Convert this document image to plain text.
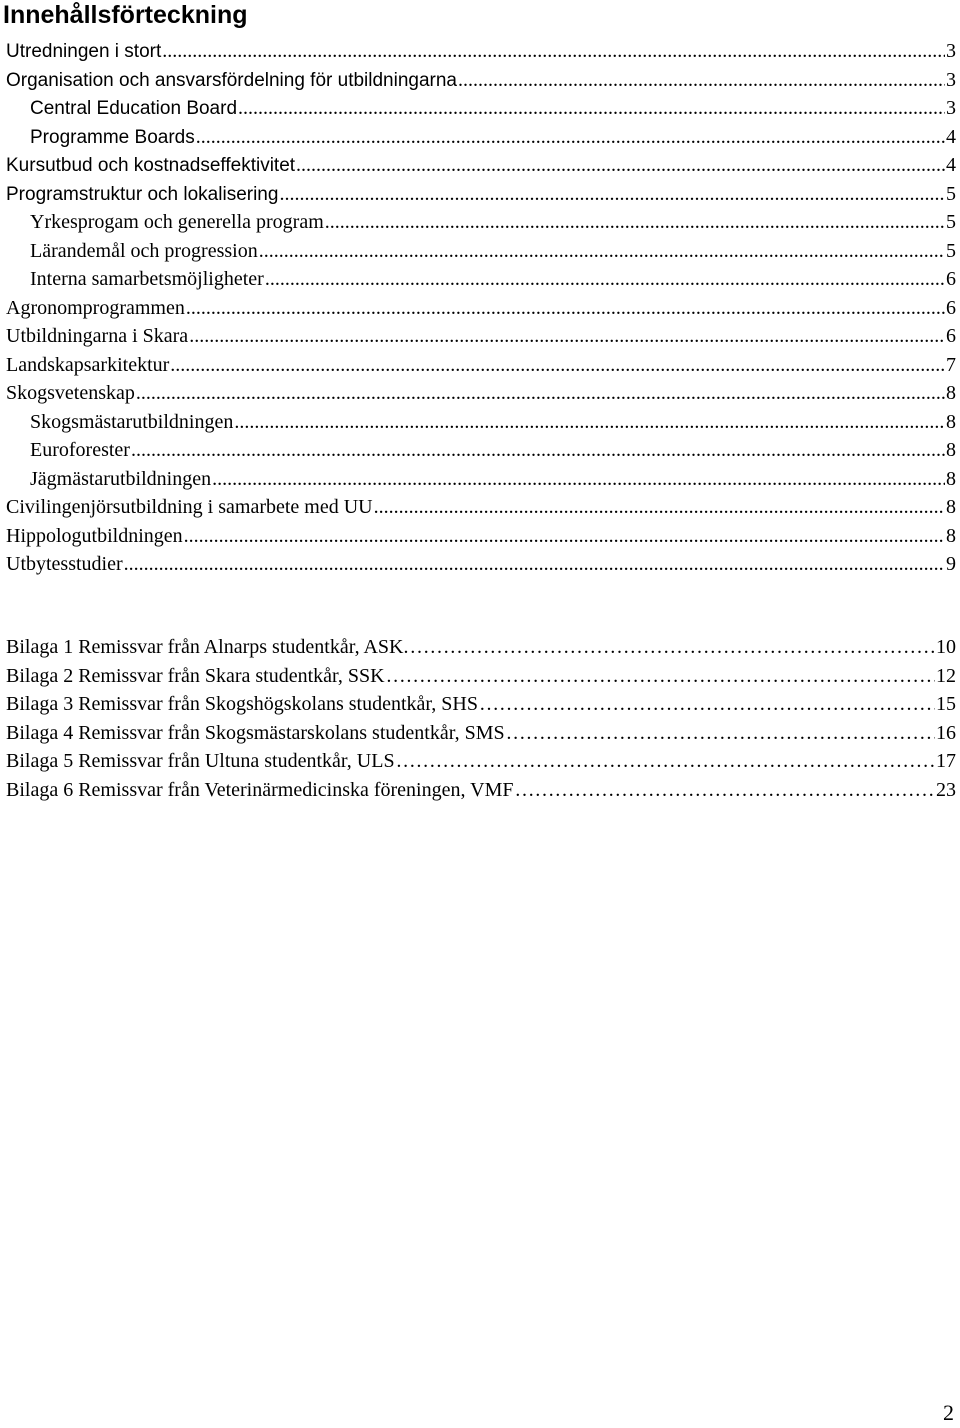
Innehållsförteckning
Utredningen i stort .....	3
Organisation och ansvarsfördelning för utbildningarna .....	3
Central Education Board .....	3
Programme Boards .....	4
Kursutbud och kostnadseffektivitet .....	4
Programstruktur och lokalisering .....	5
Yrkesprogam och generella program .....	5
Lärandemål och progression .....	5
Interna samarbetsmöjligheter .....	6
Agronomprogrammen .....	6
Utbildningarna i Skara .....	6
Landskapsarkitektur .....	7
Skogsvetenskap .....	8
Skogsmästarutbildningen .....	8
Euroforester .....	8
Jägmästarutbildningen .....	8
Civilingenjörsutbildning i samarbete med UU .....	8
Hippologutbildningen .....	8
Utbytesstudier .....	9
Bilaga 1 Remissvar från Alnarps studentkår, ASK. ……………………………………………………………………………………………………………………………………………………………………	10
Bilaga 2 Remissvar från Skara studentkår, SSK ……………………………………………………………………………………………………………………………………………………………………	12
Bilaga 3 Remissvar från Skogshögskolans studentkår, SHS ……………………………………………………………………………………………………………………………………………………………………	15
Bilaga 4 Remissvar från Skogsmästarskolans studentkår, SMS ……………………………………………………………………………………………………………………………………………………………………	16
Bilaga 5 Remissvar från Ultuna studentkår, ULS ……………………………………………………………………………………………………………………………………………………………………	17
Bilaga 6 Remissvar från Veterinärmedicinska föreningen, VMF ……………………………………………………………………………………………………………………………………………………………………	23
2
